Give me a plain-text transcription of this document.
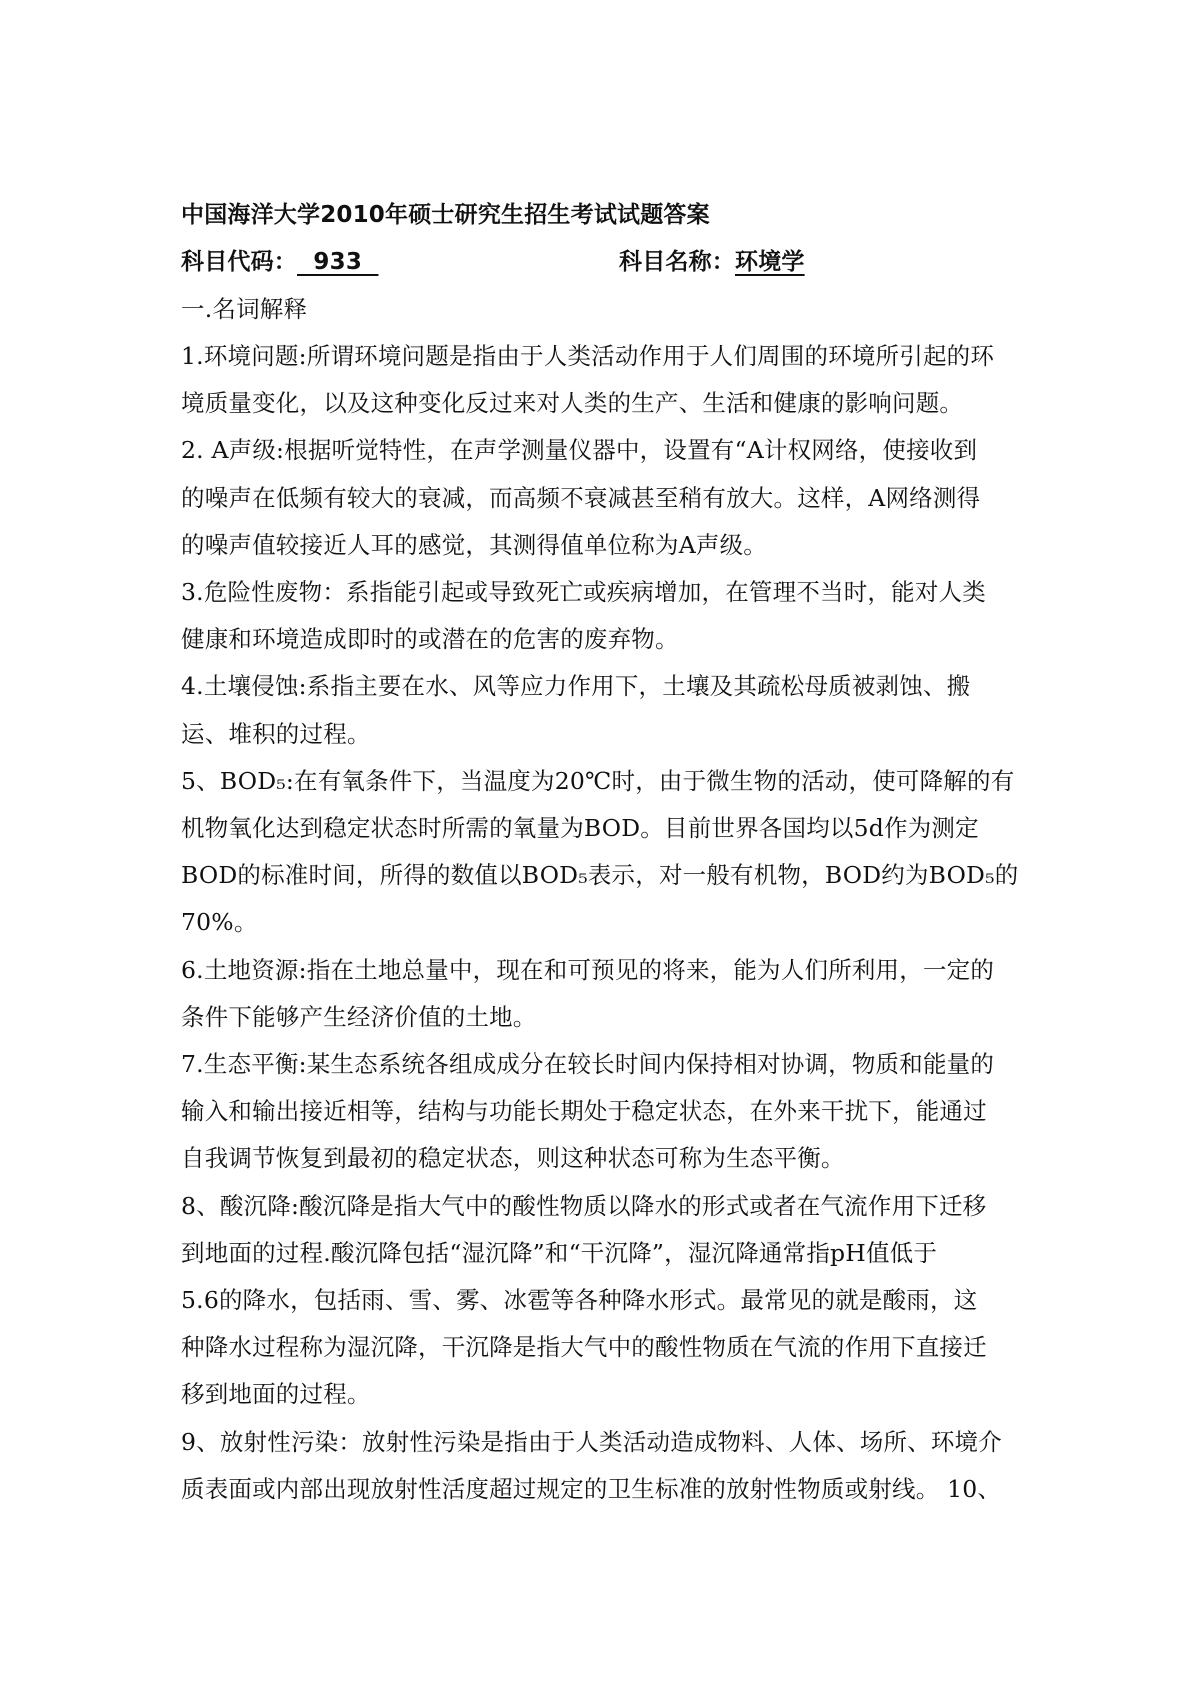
中国海洋大学2010年硕士研究生招生考试试题答案
科目代码：  933	科目名称：环境学
一.名词解释
1.环境问题:所谓环境问题是指由于人类活动作用于人们周围的环境所引起的环
境质量变化，以及这种变化反过来对人类的生产、生活和健康的影响问题。
2. A声级:根据听觉特性，在声学测量仪器中，设置有“A计权网络，使接收到
的噪声在低频有较大的衰减，而高频不衰减甚至稍有放大。这样，A网络测得
的噪声值较接近人耳的感觉，其测得值单位称为A声级。
3.危险性废物：系指能引起或导致死亡或疾病增加，在管理不当时，能对人类
健康和环境造成即时的或潜在的危害的废弃物。
4.土壤侵蚀:系指主要在水、风等应力作用下，土壤及其疏松母质被剥蚀、搬
运、堆积的过程。
5、BOD₅:在有氧条件下，当温度为20℃时，由于微生物的活动，使可降解的有
机物氧化达到稳定状态时所需的氧量为BOD。目前世界各国均以5d作为测定
BOD的标准时间，所得的数值以BOD₅表示，对一般有机物，BOD约为BOD₅的
70%。
6.土地资源:指在土地总量中，现在和可预见的将来，能为人们所利用，一定的
条件下能够产生经济价值的土地。
7.生态平衡:某生态系统各组成成分在较长时间内保持相对协调，物质和能量的
输入和输出接近相等，结构与功能长期处于稳定状态，在外来干扰下，能通过
自我调节恢复到最初的稳定状态，则这种状态可称为生态平衡。
8、酸沉降:酸沉降是指大气中的酸性物质以降水的形式或者在气流作用下迁移
到地面的过程.酸沉降包括“湿沉降”和“干沉降”，湿沉降通常指pH值低于
5.6的降水，包括雨、雪、雾、冰雹等各种降水形式。最常见的就是酸雨，这
种降水过程称为湿沉降，干沉降是指大气中的酸性物质在气流的作用下直接迁
移到地面的过程。
9、放射性污染：放射性污染是指由于人类活动造成物料、人体、场所、环境介
质表面或内部出现放射性活度超过规定的卫生标准的放射性物质或射线。 10、
